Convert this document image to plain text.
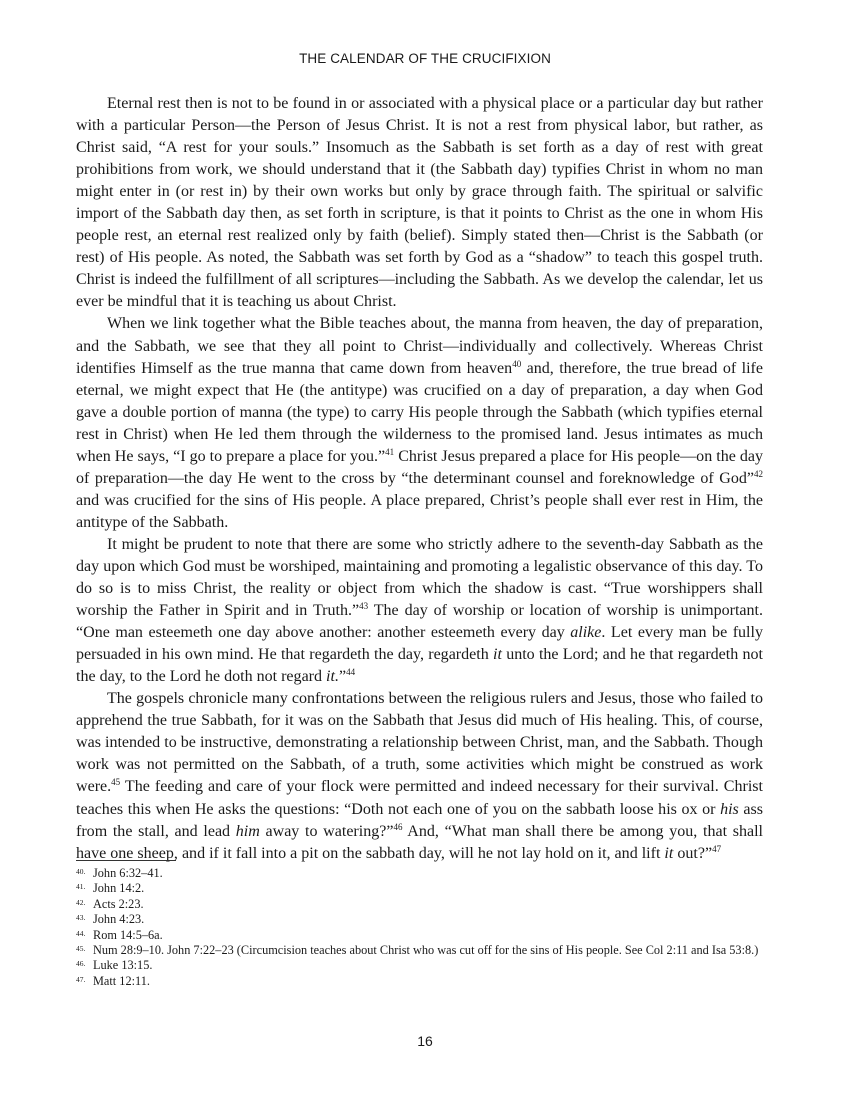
THE CALENDAR OF THE CRUCIFIXION

Eternal rest then is not to be found in or associated with a physical place or a particular day but rather with a particular Person—the Person of Jesus Christ. It is not a rest from physical labor, but rather, as Christ said, “A rest for your souls.” Insomuch as the Sabbath is set forth as a day of rest with great prohibitions from work, we should understand that it (the Sabbath day) typifies Christ in whom no man might enter in (or rest in) by their own works but only by grace through faith. The spiritual or salvific import of the Sabbath day then, as set forth in scripture, is that it points to Christ as the one in whom His people rest, an eternal rest realized only by faith (belief). Simply stated then—Christ is the Sabbath (or rest) of His people. As noted, the Sabbath was set forth by God as a “shadow” to teach this gospel truth. Christ is indeed the fulfillment of all scriptures—including the Sabbath. As we develop the calendar, let us ever be mindful that it is teaching us about Christ.

When we link together what the Bible teaches about, the manna from heaven, the day of preparation, and the Sabbath, we see that they all point to Christ—individually and collectively. Whereas Christ identifies Himself as the true manna that came down from heaven$^{40}$ and, therefore, the true bread of life eternal, we might expect that He (the antitype) was crucified on a day of preparation, a day when God gave a double portion of manna (the type) to carry His people through the Sabbath (which typifies eternal rest in Christ) when He led them through the wilderness to the promised land. Jesus intimates as much when He says, “I go to prepare a place for you.”$^{41}$ Christ Jesus prepared a place for His people—on the day of preparation—the day He went to the cross by “the determinant counsel and foreknowledge of God”$^{42}$ and was crucified for the sins of His people. A place prepared, Christ’s people shall ever rest in Him, the antitype of the Sabbath.

It might be prudent to note that there are some who strictly adhere to the seventh-day Sabbath as the day upon which God must be worshiped, maintaining and promoting a legalistic observance of this day. To do so is to miss Christ, the reality or object from which the shadow is cast. “True worshippers shall worship the Father in Spirit and in Truth.”$^{43}$ The day of worship or location of worship is unimportant. “One man esteemeth one day above another: another esteemeth every day alike. Let every man be fully persuaded in his own mind. He that regardeth the day, regardeth it unto the Lord; and he that regardeth not the day, to the Lord he doth not regard it.”$^{44}$

The gospels chronicle many confrontations between the religious rulers and Jesus, those who failed to apprehend the true Sabbath, for it was on the Sabbath that Jesus did much of His healing. This, of course, was intended to be instructive, demonstrating a relationship between Christ, man, and the Sabbath. Though work was not permitted on the Sabbath, of a truth, some activities which might be construed as work were.$^{45}$ The feeding and care of your flock were permitted and indeed necessary for their survival. Christ teaches this when He asks the questions: “Doth not each one of you on the sabbath loose his ox or his ass from the stall, and lead him away to watering?”$^{46}$ And, “What man shall there be among you, that shall have one sheep, and if it fall into a pit on the sabbath day, will he not lay hold on it, and lift it out?”$^{47}$

40. John 6:32–41.
41. John 14:2.
42. Acts 2:23.
43. John 4:23.
44. Rom 14:5–6a.
45. Num 28:9–10. John 7:22–23 (Circumcision teaches about Christ who was cut off for the sins of His people. See Col 2:11 and Isa 53:8.)
46. Luke 13:15.
47. Matt 12:11.
16
